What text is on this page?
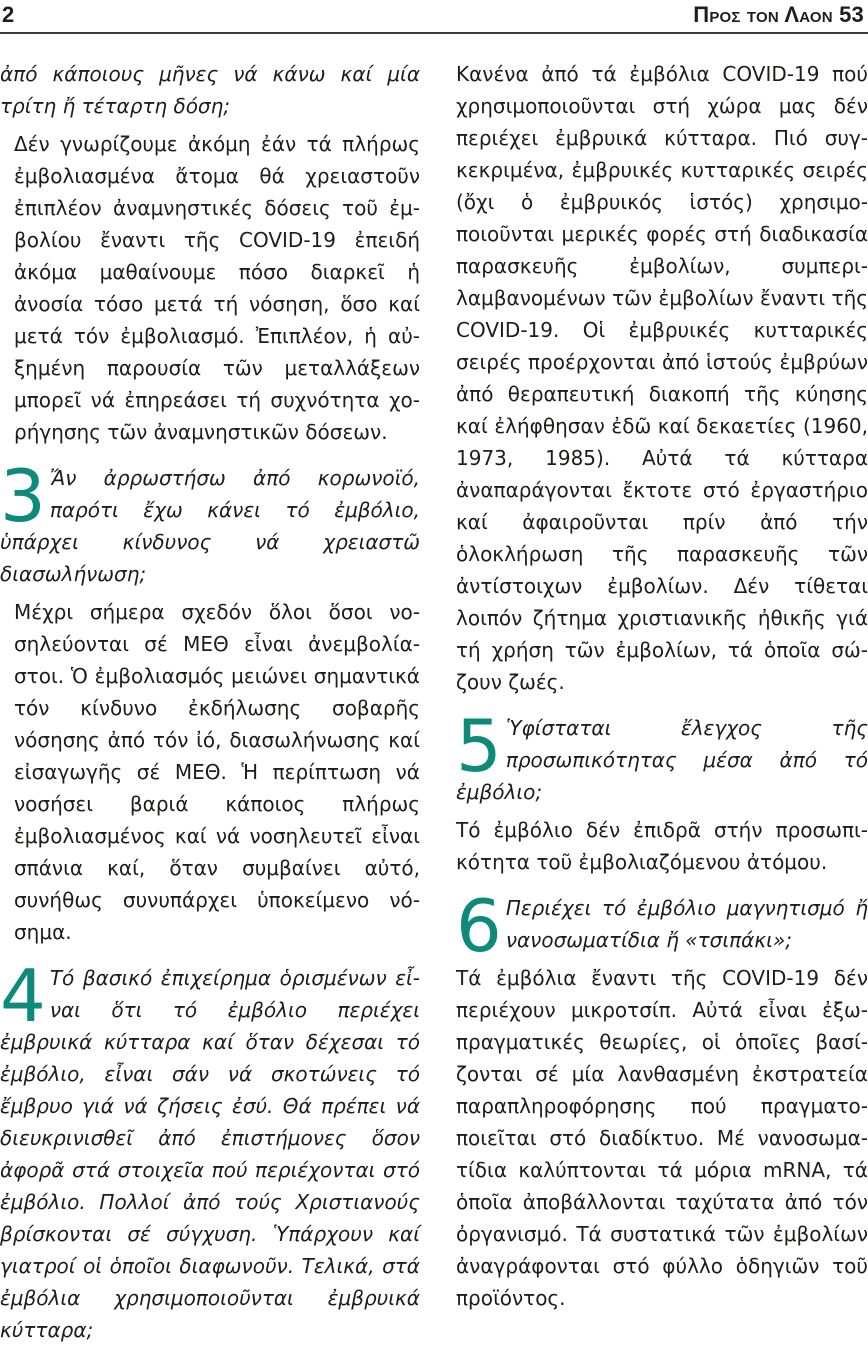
2	Προσ τον Λαον 53

ἀπό κάποιους μῆνες νά κάνω καί μία τρίτη ἤ τέταρτη δόση;

Δέν γνωρίζουμε ἀκόμη ἐάν τά πλήρως ἐμβολιασμένα ἄτομα θά χρειαστοῦν ἐπιπλέον ἀναμνηστικές δόσεις τοῦ ἐμβολίου ἔναντι τῆς COVID-19 ἐπειδή ἀκόμα μαθαίνουμε πόσο διαρκεῖ ἡ ἀνοσία τόσο μετά τή νόσηση, ὅσο καί μετά τόν ἐμβολιασμό. Ἐπιπλέον, ἡ αὐξημένη παρουσία τῶν μεταλλάξεων μπορεῖ νά ἐπηρεάσει τή συχνότητα χορήγησης τῶν ἀναμνηστικῶν δόσεων.

3 Ἄν ἀρρωστήσω ἀπό κορωνοϊό, παρότι ἔχω κάνει τό ἐμβόλιο, ὑπάρχει κίνδυνος νά χρειαστῶ διασωλήνωση;

Μέχρι σήμερα σχεδόν ὅλοι ὅσοι νοσηλεύονται σέ ΜΕΘ εἶναι ἀνεμβολίαστοι. Ὁ ἐμβολιασμός μειώνει σημαντικά τόν κίνδυνο ἐκδήλωσης σοβαρῆς νόσησης ἀπό τόν ἰό, διασωλήνωσης καί εἰσαγωγῆς σέ ΜΕΘ. Ἡ περίπτωση νά νοσήσει βαριά κάποιος πλήρως ἐμβολιασμένος καί νά νοσηλευτεῖ εἶναι σπάνια καί, ὅταν συμβαίνει αὐτό, συνήθως συνυπάρχει ὑποκείμενο νόσημα.

4 Τό βασικό ἐπιχείρημα ὁρισμένων εἶναι ὅτι τό ἐμβόλιο περιέχει ἐμβρυικά κύτταρα καί ὅταν δέχεσαι τό ἐμβόλιο, εἶναι σάν νά σκοτώνεις τό ἔμβρυο γιά νά ζήσεις ἐσύ. Θά πρέπει νά διευκρινισθεῖ ἀπό ἐπιστήμονες ὅσον ἀφορᾶ στά στοιχεῖα πού περιέχονται στό ἐμβόλιο. Πολλοί ἀπό τούς Χριστιανούς βρίσκονται σέ σύγχυση. Ὑπάρχουν καί γιατροί οἱ ὁποῖοι διαφωνοῦν. Τελικά, στά ἐμβόλια χρησιμοποιοῦνται ἐμβρυικά κύτταρα;

Κανένα ἀπό τά ἐμβόλια COVID-19 πού χρησιμοποιοῦνται στή χώρα μας δέν περιέχει ἐμβρυικά κύτταρα. Πιό συγκεκριμένα, ἐμβρυικές κυτταρικές σειρές (ὄχι ὁ ἐμβρυικός ἱστός) χρησιμοποιοῦνται μερικές φορές στή διαδικασία παρασκευῆς ἐμβολίων, συμπεριλαμβανομένων τῶν ἐμβολίων ἔναντι τῆς COVID-19. Οἱ ἐμβρυικές κυτταρικές σειρές προέρχονται ἀπό ἱστούς ἐμβρύων ἀπό θεραπευτική διακοπή τῆς κύησης καί ἐλήφθησαν ἐδῶ καί δεκαετίες (1960, 1973, 1985). Αὐτά τά κύτταρα ἀναπαράγονται ἔκτοτε στό ἐργαστήριο καί ἀφαιροῦνται πρίν ἀπό τήν ὁλοκλήρωση τῆς παρασκευῆς τῶν ἀντίστοιχων ἐμβολίων. Δέν τίθεται λοιπόν ζήτημα χριστιανικῆς ἠθικῆς γιά τή χρήση τῶν ἐμβολίων, τά ὁποῖα σώζουν ζωές.

5 Ὑφίσταται ἔλεγχος τῆς προσωπικότητας μέσα ἀπό τό ἐμβόλιο;

Τό ἐμβόλιο δέν ἐπιδρᾶ στήν προσωπικότητα τοῦ ἐμβολιαζόμενου ἀτόμου.

6 Περιέχει τό ἐμβόλιο μαγνητισμό ἤ νανοσωματίδια ἤ «τσιπάκι»;

Τά ἐμβόλια ἔναντι τῆς COVID-19 δέν περιέχουν μικροτσίπ. Αὐτά εἶναι ἐξωπραγματικές θεωρίες, οἱ ὁποῖες βασίζονται σέ μία λανθασμένη ἐκστρατεία παραπληροφόρησης πού πραγματοποιεῖται στό διαδίκτυο. Μέ νανοσωματίδια καλύπτονται τά μόρια mRNA, τά ὁποῖα ἀποβάλλονται ταχύτατα ἀπό τόν ὀργανισμό. Τά συστατικά τῶν ἐμβολίων ἀναγράφονται στό φύλλο ὁδηγιῶν τοῦ προϊόντος.
